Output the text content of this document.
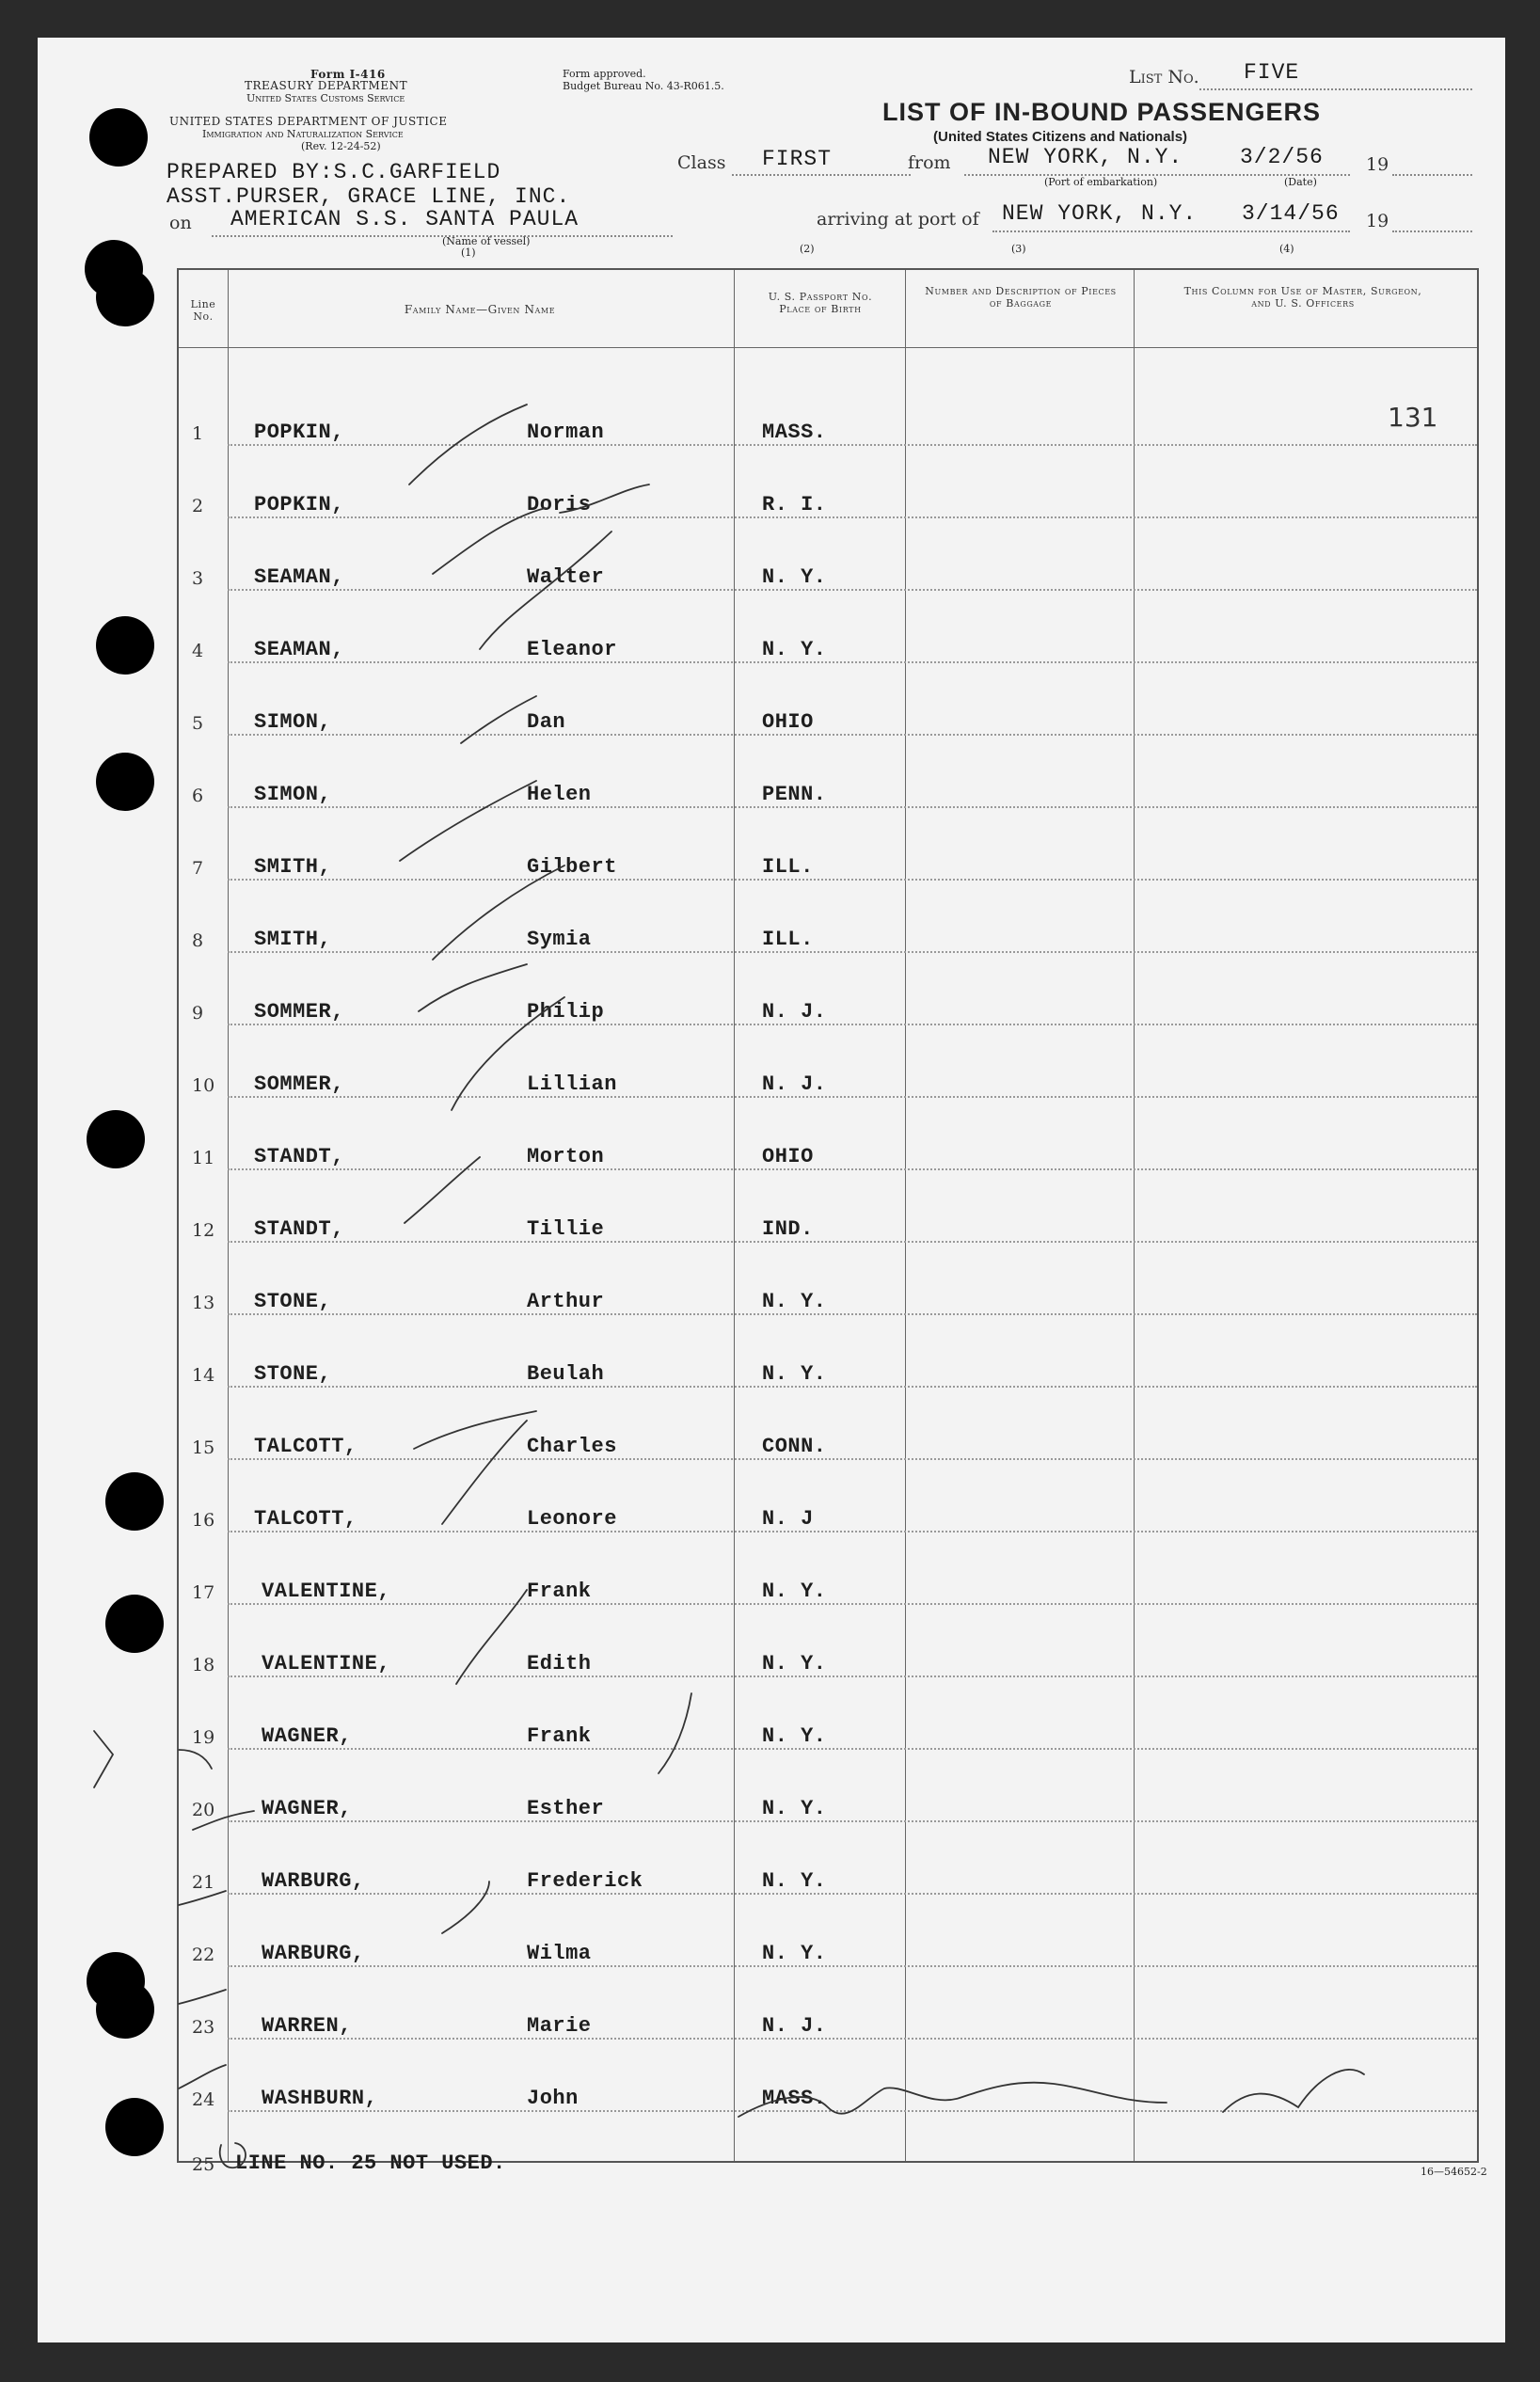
Form I-416
TREASURY DEPARTMENT
United States Customs Service
Form approved.
Budget Bureau No. 43-R061.5.
UNITED STATES DEPARTMENT OF JUSTICE
Immigration and Naturalization Service
(Rev. 12-24-52)
List No. FIVE
LIST OF IN-BOUND PASSENGERS
(United States Citizens and Nationals)
PREPARED BY:S.C.GARFIELD
ASST.PURSER, GRACE LINE, INC.
on AMERICAN S.S. SANTA PAULA
(Name of vessel)
(1)
Class FIRST	from NEW YORK, N.Y.	3/2/56 19
(Port of embarkation)	(Date)
arriving at port of NEW YORK, N.Y. 3/14/56 19
(2)	(3)	(4)
Line No.
Family Name—Given Name
U. S. Passport No. Place of Birth
Number and Description of Pieces of Baggage
This Column for Use of Master, Surgeon, and U. S. Officers
131
1 POPKIN,	Norman	MASS.
2 POPKIN,	Doris	R. I.
3 SEAMAN,	Walter	N. Y.
4 SEAMAN,	Eleanor	N. Y.
5 SIMON,	Dan	OHIO
6 SIMON,	Helen	PENN.
7 SMITH,	Gilbert	ILL.
8 SMITH,	Symia	ILL.
9 SOMMER,	Philip	N. J.
10 SOMMER,	Lillian	N. J.
11 STANDT,	Morton	OHIO
12 STANDT,	Tillie	IND.
13 STONE,	Arthur	N. Y.
14 STONE,	Beulah	N. Y.
15 TALCOTT,	Charles	CONN.
16 TALCOTT,	Leonore	N. J
17 VALENTINE,	Frank	N. Y.
18 VALENTINE,	Edith	N. Y.
19 WAGNER,	Frank	N. Y.
20 WAGNER,	Esther	N. Y.
21 WARBURG,	Frederick	N. Y.
22 WARBURG,	Wilma	N. Y.
23 WARREN,	Marie	N. J.
24 WASHBURN,	John	MASS.
25 LINE NO. 25 NOT USED.	16—54652-2
